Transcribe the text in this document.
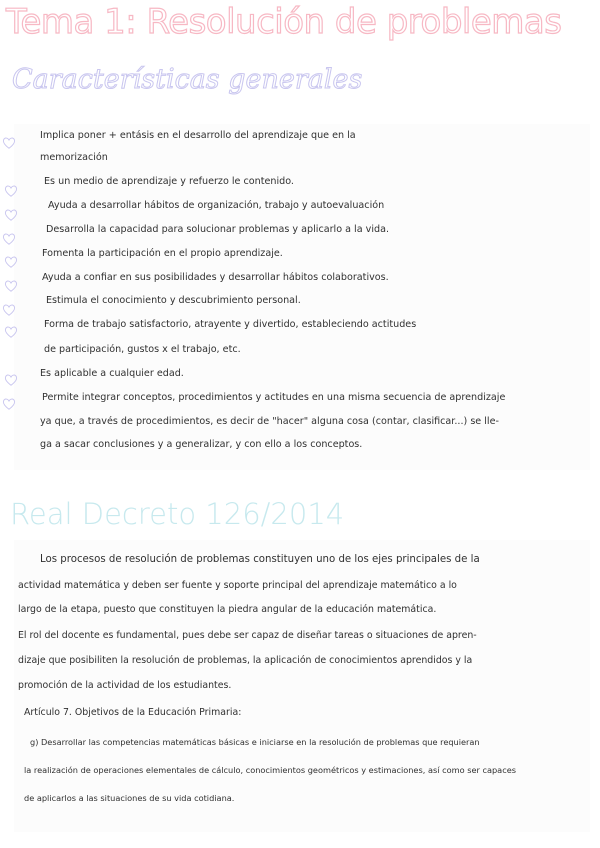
Tema 1: Resolución de problemas
Características generales
Implica poner + entásis en el desarrollo del aprendizaje que en la
memorización
Es un medio de aprendizaje y refuerzo le contenido.
Ayuda a desarrollar hábitos de organización, trabajo y autoevaluación
Desarrolla la capacidad para solucionar problemas y aplicarlo a la vida.
Fomenta la participación en el propio aprendizaje.
Ayuda a confiar en sus posibilidades y desarrollar hábitos colaborativos.
Estimula el conocimiento y descubrimiento personal.
Forma de trabajo satisfactorio, atrayente y divertido, estableciendo actitudes
de participación, gustos x el trabajo, etc.
Es aplicable a cualquier edad.
Permite integrar conceptos, procedimientos y actitudes en una misma secuencia de aprendizaje
ya que, a través de procedimientos, es decir de "hacer" alguna cosa (contar, clasificar...) se lle-
ga a sacar conclusiones y a generalizar, y con ello a los conceptos.
Real Decreto 126/2014
Los procesos de resolución de problemas constituyen uno de los ejes principales de la
actividad matemática y deben ser fuente y soporte principal del aprendizaje matemático a lo
largo de la etapa, puesto que constituyen la piedra angular de la educación matemática.
El rol del docente es fundamental, pues debe ser capaz de diseñar tareas o situaciones de apren-
dizaje que posibiliten la resolución de problemas, la aplicación de conocimientos aprendidos y la
promoción de la actividad de los estudiantes.
Artículo 7. Objetivos de la Educación Primaria:
g) Desarrollar las competencias matemáticas básicas e iniciarse en la resolución de problemas que requieran
la realización de operaciones elementales de cálculo, conocimientos geométricos y estimaciones, así como ser capaces
de aplicarlos a las situaciones de su vida cotidiana.
